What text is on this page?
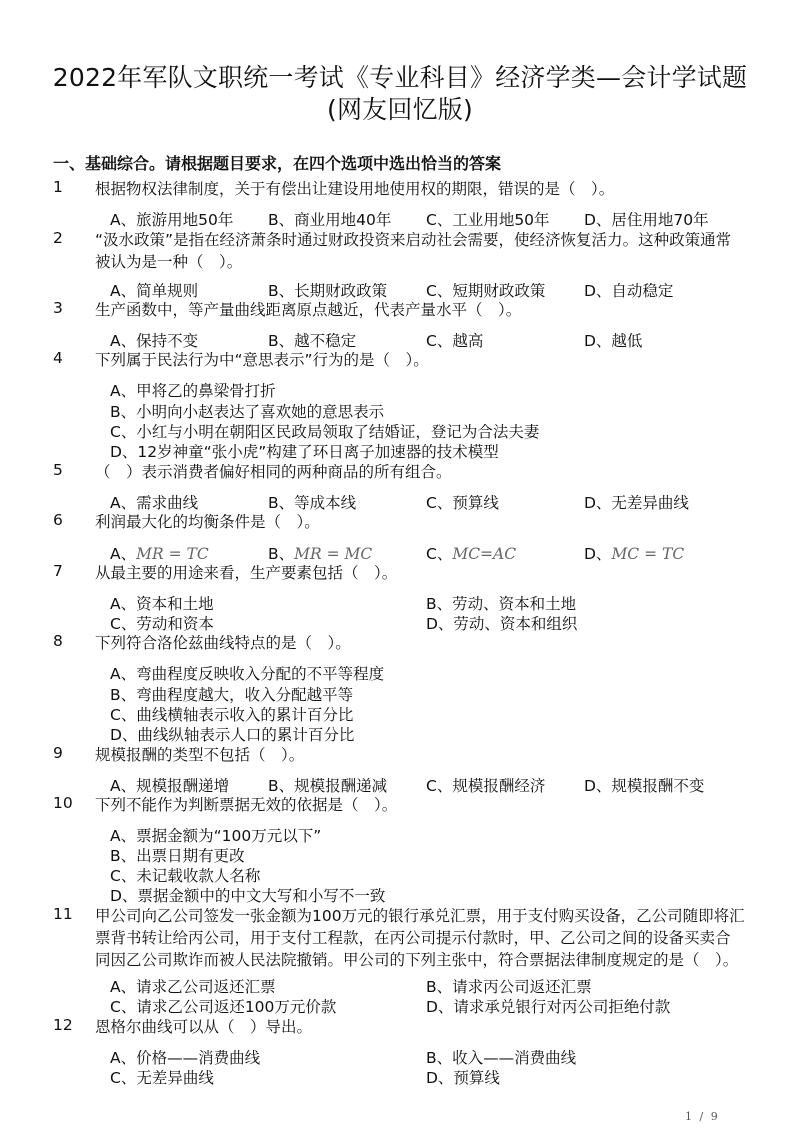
2022年军队文职统一考试《专业科目》经济学类—会计学试题
(网友回忆版)
一、基础综合。请根据题目要求，在四个选项中选出恰当的答案
1	根据物权法律制度，关于有偿出让建设用地使用权的期限，错误的是（　）。
A、旅游用地50年 B、商业用地40年 C、工业用地50年 D、居住用地70年
2	“汲水政策”是指在经济萧条时通过财政投资来启动社会需要，使经济恢复活力。这种政策通常被认为是一种（　）。
A、简单规则	B、长期财政政策	C、短期财政政策 D、自动稳定
3	生产函数中，等产量曲线距离原点越近，代表产量水平（　）。
A、保持不变	B、越不稳定	C、越高	D、越低
4	下列属于民法行为中“意思表示”行为的是（　）。
A、甲将乙的鼻梁骨打折
B、小明向小赵表达了喜欢她的意思表示
C、小红与小明在朝阳区民政局领取了结婚证，登记为合法夫妻
D、12岁神童“张小虎”构建了环日离子加速器的技术模型
5	（　）表示消费者偏好相同的两种商品的所有组合。
A、需求曲线	B、等成本线	C、预算线	D、无差异曲线
6	利润最大化的均衡条件是（　）。
A、MR = TC	B、MR = MC	C、MC=AC	D、MC = TC
7	从最主要的用途来看，生产要素包括（　）。
A、资本和土地	B、劳动、资本和土地
C、劳动和资本	D、劳动、资本和组织
8	下列符合洛伦兹曲线特点的是（　）。
A、弯曲程度反映收入分配的不平等程度
B、弯曲程度越大，收入分配越平等
C、曲线横轴表示收入的累计百分比
D、曲线纵轴表示人口的累计百分比
9	规模报酬的类型不包括（　）。
A、规模报酬递增	B、规模报酬递减	C、规模报酬经济 D、规模报酬不变
10	下列不能作为判断票据无效的依据是（　）。
A、票据金额为“100万元以下”
B、出票日期有更改
C、未记载收款人名称
D、票据金额中的中文大写和小写不一致
11	甲公司向乙公司签发一张金额为100万元的银行承兑汇票，用于支付购买设备，乙公司随即将汇票背书转让给丙公司，用于支付工程款，在丙公司提示付款时，甲、乙公司之间的设备买卖合同因乙公司欺诈而被人民法院撤销。甲公司的下列主张中，符合票据法律制度规定的是（　）。
A、请求乙公司返还汇票	B、请求丙公司返还汇票
C、请求乙公司返还100万元价款	D、请求承兑银行对丙公司拒绝付款
12	恩格尔曲线可以从（　）导出。
A、价格——消费曲线	B、收入——消费曲线
C、无差异曲线	D、预算线
1 / 9
